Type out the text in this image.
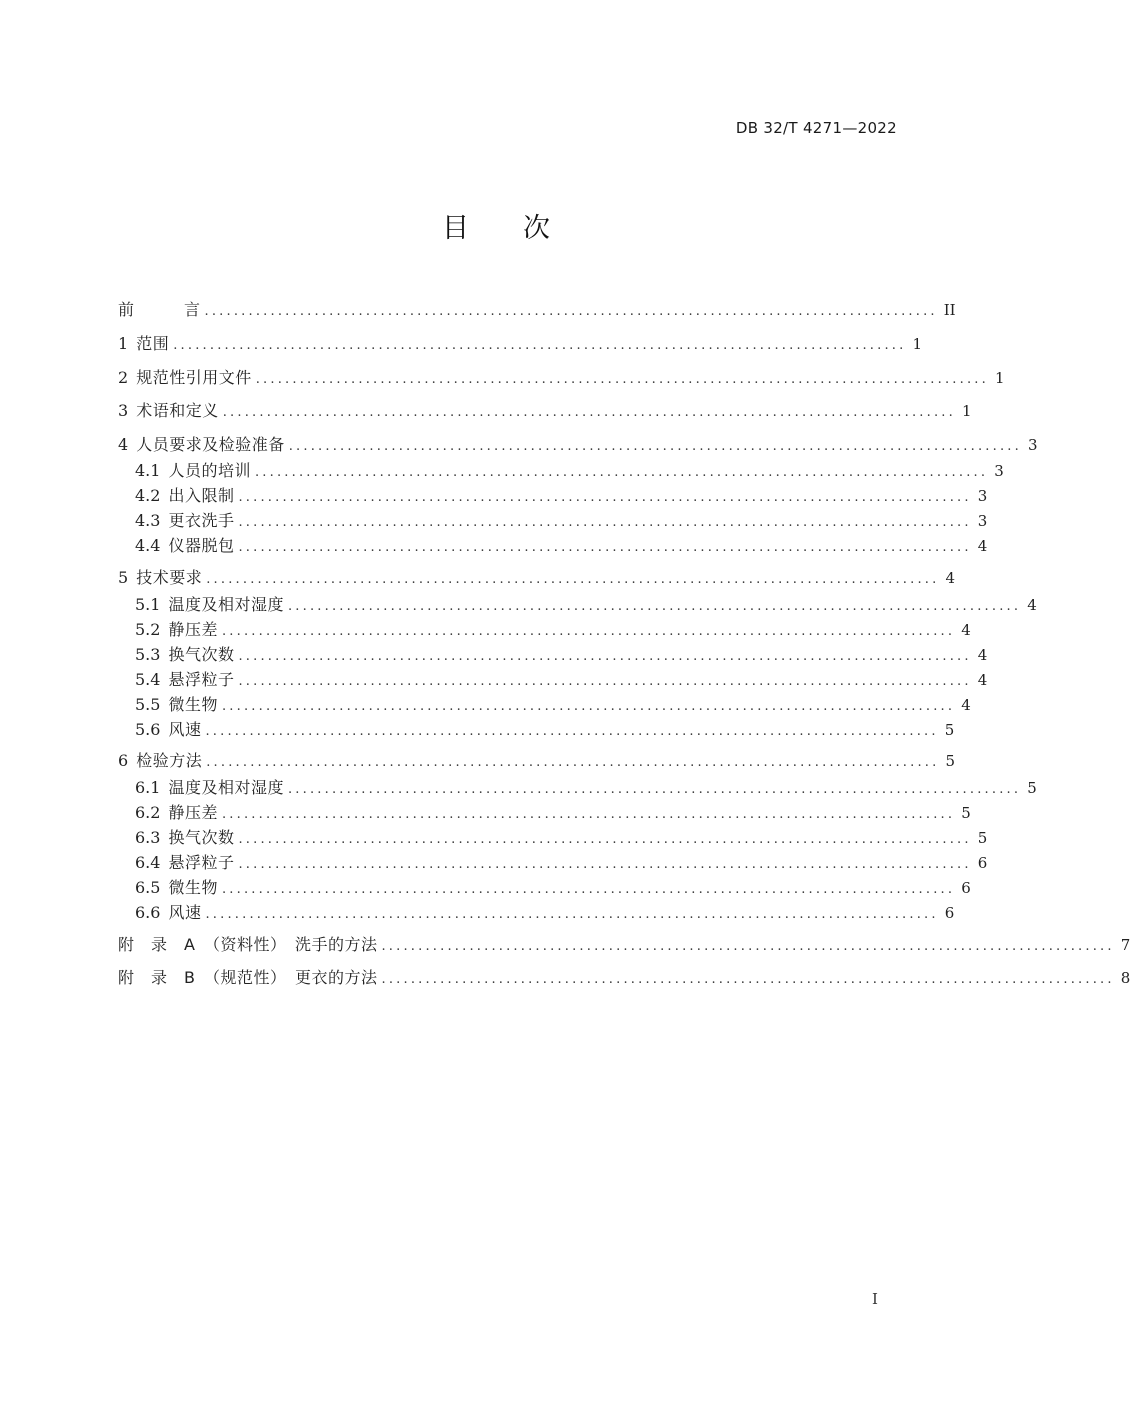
DB 32/T 4271—2022
目　　次
前　　　言 .................................................................................................... II
1 范围 .................................................................................................... 1
2 规范性引用文件 .................................................................................................... 1
3 术语和定义 .................................................................................................... 1
4 人员要求及检验准备 .................................................................................................... 3
4.1 人员的培训 .................................................................................................... 3
4.2 出入限制 .................................................................................................... 3
4.3 更衣洗手 .................................................................................................... 3
4.4 仪器脱包 .................................................................................................... 4
5 技术要求 .................................................................................................... 4
5.1 温度及相对湿度 .................................................................................................... 4
5.2 静压差 .................................................................................................... 4
5.3 换气次数 .................................................................................................... 4
5.4 悬浮粒子 .................................................................................................... 4
5.5 微生物 .................................................................................................... 4
5.6 风速 .................................................................................................... 5
6 检验方法 .................................................................................................... 5
6.1 温度及相对湿度 .................................................................................................... 5
6.2 静压差 .................................................................................................... 5
6.3 换气次数 .................................................................................................... 5
6.4 悬浮粒子 .................................................................................................... 6
6.5 微生物 .................................................................................................... 6
6.6 风速 .................................................................................................... 6
附　录　A　（资料性）　洗手的方法 .................................................................................................... 7
附　录　B　（规范性）　更衣的方法 .................................................................................................... 8
I
